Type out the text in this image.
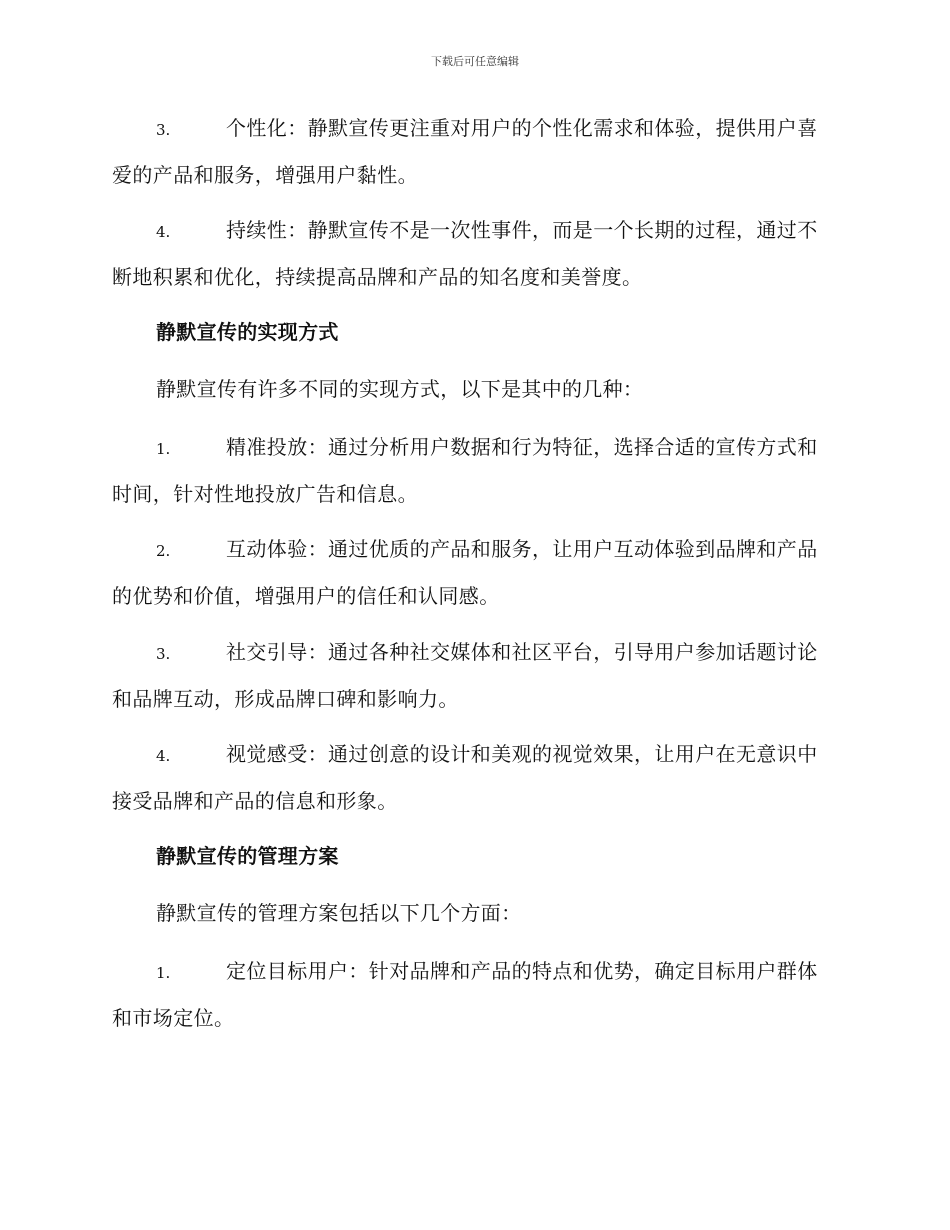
下载后可任意编辑

3.	个性化：静默宣传更注重对用户的个性化需求和体验，提供用户喜爱的产品和服务，增强用户黏性。

4.	持续性：静默宣传不是一次性事件，而是一个长期的过程，通过不断地积累和优化，持续提高品牌和产品的知名度和美誉度。

静默宣传的实现方式

静默宣传有许多不同的实现方式，以下是其中的几种：

1.	精准投放：通过分析用户数据和行为特征，选择合适的宣传方式和时间，针对性地投放广告和信息。

2.	互动体验：通过优质的产品和服务，让用户互动体验到品牌和产品的优势和价值，增强用户的信任和认同感。

3.	社交引导：通过各种社交媒体和社区平台，引导用户参加话题讨论和品牌互动，形成品牌口碑和影响力。

4.	视觉感受：通过创意的设计和美观的视觉效果，让用户在无意识中接受品牌和产品的信息和形象。

静默宣传的管理方案

静默宣传的管理方案包括以下几个方面：

1.	定位目标用户：针对品牌和产品的特点和优势，确定目标用户群体和市场定位。
